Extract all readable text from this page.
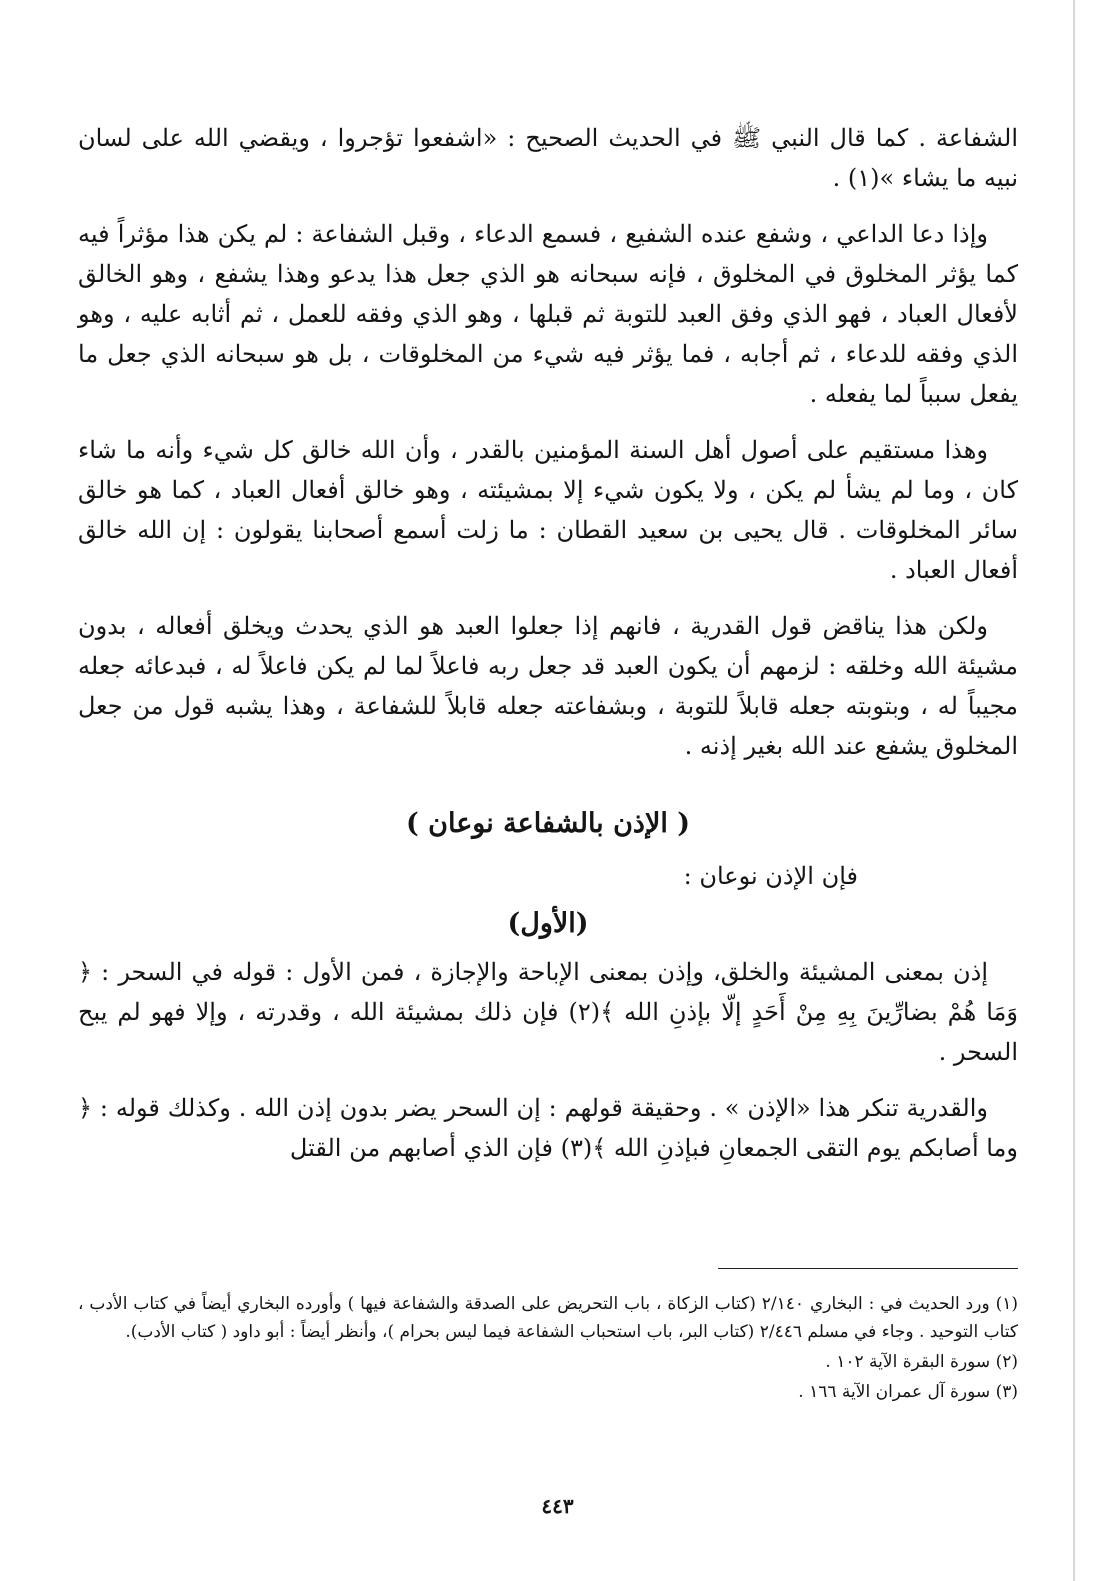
الشفاعة . كما قال النبي ﷺ في الحديث الصحيح : «اشفعوا تؤجروا ، ويقضي الله على لسان نبيه ما يشاء »(١) .

وإذا دعا الداعي ، وشفع عنده الشفيع ، فسمع الدعاء ، وقبل الشفاعة : لم يكن هذا مؤثراً فيه كما يؤثر المخلوق في المخلوق ، فإنه سبحانه هو الذي جعل هذا يدعو وهذا يشفع ، وهو الخالق لأفعال العباد ، فهو الذي وفق العبد للتوبة ثم قبلها ، وهو الذي وفقه للعمل ، ثم أثابه عليه ، وهو الذي وفقه للدعاء ، ثم أجابه ، فما يؤثر فيه شيء من المخلوقات ، بل هو سبحانه الذي جعل ما يفعل سبباً لما يفعله .

وهذا مستقيم على أصول أهل السنة المؤمنين بالقدر ، وأن الله خالق كل شيء وأنه ما شاء كان ، وما لم يشأ لم يكن ، ولا يكون شيء إلا بمشيئته ، وهو خالق أفعال العباد ، كما هو خالق سائر المخلوقات . قال يحيى بن سعيد القطان : ما زلت أسمع أصحابنا يقولون : إن الله خالق أفعال العباد .

ولكن هذا يناقض قول القدرية ، فانهم إذا جعلوا العبد هو الذي يحدث ويخلق أفعاله ، بدون مشيئة الله وخلقه : لزمهم أن يكون العبد قد جعل ربه فاعلاً لما لم يكن فاعلاً له ، فبدعائه جعله مجيباً له ، وبتوبته جعله قابلاً للتوبة ، وبشفاعته جعله قابلاً للشفاعة ، وهذا يشبه قول من جعل المخلوق يشفع عند الله بغير إذنه .

( الإذن بالشفاعة نوعان )

فإن الإذن نوعان :

(الأول)

إذن بمعنى المشيئة والخلق، وإذن بمعنى الإباحة والإجازة ، فمن الأول : قوله في السحر : ﴿ وَمَا هُمْ بضارِّينَ بِهِ مِنْ أَحَدٍ إلّا بإذنِ الله ﴾(٢) فإن ذلك بمشيئة الله ، وقدرته ، وإلا فهو لم يبح السحر .

والقدرية تنكر هذا «الإذن » . وحقيقة قولهم : إن السحر يضر بدون إذن الله . وكذلك قوله : ﴿ وما أصابكم يوم التقى الجمعانِ فبإذنِ الله ﴾(٣) فإن الذي أصابهم من القتل

(١) ورد الحديث في : البخاري ٢/١٤٠ (كتاب الزكاة ، باب التحريض على الصدقة والشفاعة فيها ) وأورده البخاري أيضاً في كتاب الأدب ، كتاب التوحيد . وجاء في مسلم ٢/٤٤٦ (كتاب البر، باب استحباب الشفاعة فيما ليس بحرام )، وأنظر أيضاً : أبو داود ( كتاب الأدب).

(٢) سورة البقرة الآية ١٠٢ .

(٣) سورة آل عمران الآية ١٦٦ .

٤٤٣
